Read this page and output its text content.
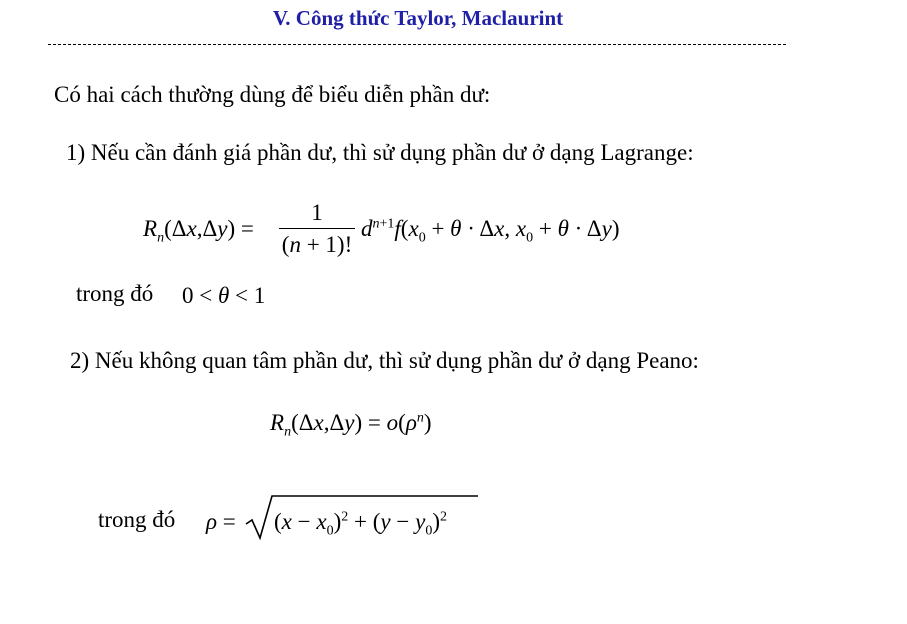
V. Công thức Taylor, Maclaurint
Có hai cách thường dùng để biểu diễn phần dư:
1) Nếu cần đánh giá phần dư, thì sử dụng phần dư ở dạng Lagrange:
$R_n(\Delta x,\Delta y)$ =
1
(n + 1)!
$d^{n+1}f(x_0 + \theta \cdot \Delta x$, $x_0 + \theta \cdot \Delta y$)
trong đó 0 < θ < 1
2) Nếu không quan tâm phần dư, thì sử dụng phần dư ở dạng Peano:
$R_n(\Delta x,\Delta y) = o(\rho^n)$
trong đó $\rho = (x - x_0)^2 + (y - y_0)^2$
